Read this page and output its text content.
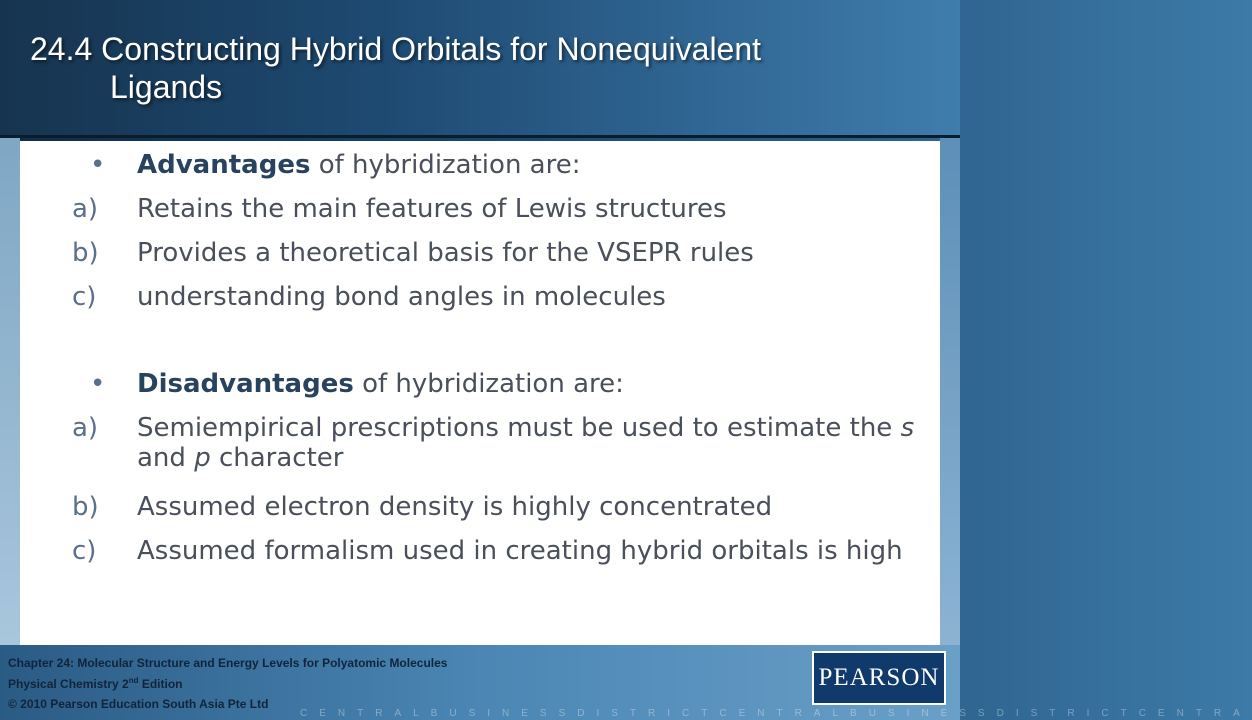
24.4 Constructing Hybrid Orbitals for Nonequivalent
Ligands
• Advantages of hybridization are:
a) Retains the main features of Lewis structures
b) Provides a theoretical basis for the VSEPR rules
c) understanding bond angles in molecules
• Disadvantages of hybridization are:
a) Semiempirical prescriptions must be used to estimate the s and p character
b) Assumed electron density is highly concentrated
c) Assumed formalism used in creating hybrid orbitals is high
Chapter 24: Molecular Structure and Energy Levels for Polyatomic Molecules
Physical Chemistry 2nd Edition
© 2010 Pearson Education South Asia Pte Ltd
CENTRALBUSINESSDISTRICTCENTRALBUSINESSDISTRICTCENTRA
PEARSON
